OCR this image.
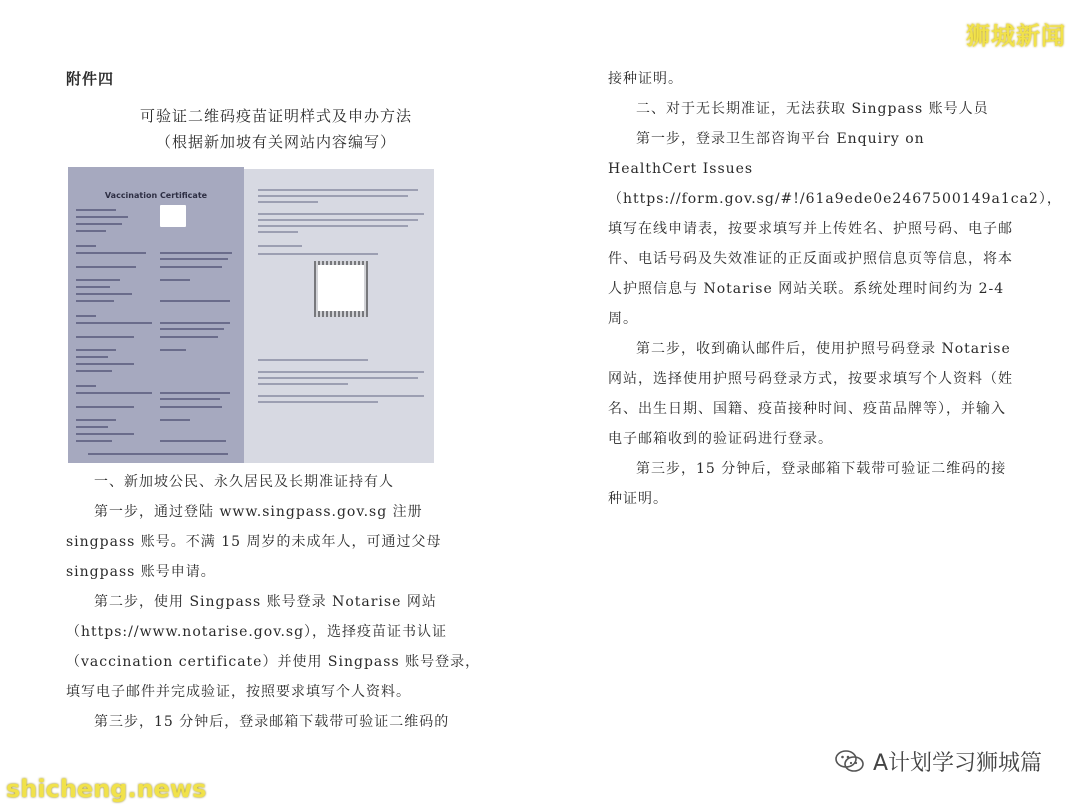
狮城新闻
附件四
可验证二维码疫苗证明样式及申办方法
（根据新加坡有关网站内容编写）
Vaccination Certificate
一、新加坡公民、永久居民及长期准证持有人
第一步，通过登陆 www.singpass.gov.sg 注册 singpass 账号。不满 15 周岁的未成年人，可通过父母 singpass 账号申请。
第二步，使用 Singpass 账号登录 Notarise 网站（https://www.notarise.gov.sg），选择疫苗证书认证（vaccination certificate）并使用 Singpass 账号登录，填写电子邮件并完成验证，按照要求填写个人资料。
第三步，15 分钟后，登录邮箱下载带可验证二维码的
接种证明。
二、对于无长期准证，无法获取 Singpass 账号人员
第一步，登录卫生部咨询平台 Enquiry on HealthCert Issues（https://form.gov.sg/#!/61a9ede0e2467500149a1ca2），填写在线申请表，按要求填写并上传姓名、护照号码、电子邮件、电话号码及失效准证的正反面或护照信息页等信息，将本人护照信息与 Notarise 网站关联。系统处理时间约为 2-4 周。
第二步，收到确认邮件后，使用护照号码登录 Notarise 网站，选择使用护照号码登录方式，按要求填写个人资料（姓名、出生日期、国籍、疫苗接种时间、疫苗品牌等），并输入电子邮箱收到的验证码进行登录。
第三步，15 分钟后，登录邮箱下载带可验证二维码的接种证明。
shicheng.news
A计划学习狮城篇
